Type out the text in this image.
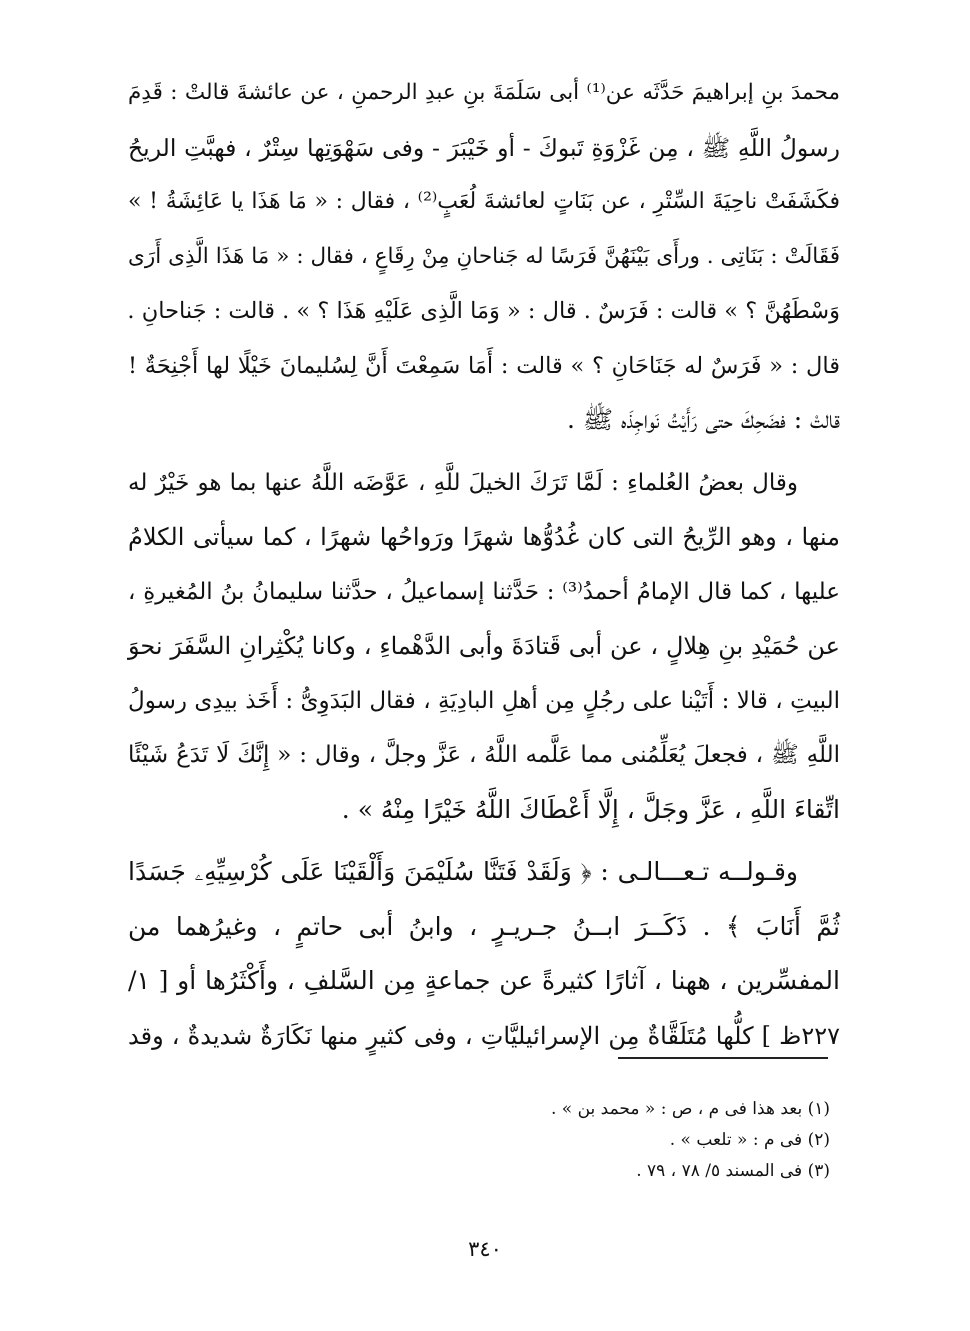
محمدَ بنِ إبراهيمَ حَدَّثَه عن⁽¹⁾ أبى سَلَمَةَ بنِ عبدِ الرحمنِ ، عن عائشةَ قالتْ : قَدِمَ
رسولُ اللَّهِ ﷺ ، مِن غَزْوَةِ تَبوكَ - أو خَيْبَرَ - وفى سَهْوَتِها سِتْرٌ ، فهبَّتِ الريحُ
فكَشَفَتْ ناحِيَةَ السِّتْرِ ، عن بَنَاتٍ لعائشةَ لُعَبٍ⁽²⁾ ، فقال : « مَا هَذَا يا عَائِشَةُ ! »
فَقَالَتْ : بَنَاتِى . ورأَى بَيْنَهُنَّ فَرَسًا له جَناحانِ مِنْ رِقَاعٍ ، فقال : « مَا هَذَا الَّذِى أَرَى
وَسْطَهُنَّ ؟ » قالت : فَرَسٌ . قال : « وَمَا الَّذِى عَلَيْهِ هَذَا ؟ » . قالت : جَناحانِ .
قال : « فَرَسٌ له جَنَاحَانِ ؟ » قالت : أَمَا سَمِعْتَ أَنَّ لِسُليمانَ خَيْلًا لها أَجْنِحَةٌ !
قالتْ : فضَحِكَ حتى رَأَيْتُ نَواجِذَه ﷺ .

وقال بعضُ العُلماءِ : لَمَّا تَرَكَ الخيلَ للَّهِ ، عَوَّضَه اللَّهُ عنها بما هو خَيْرٌ له
منها ، وهو الرِّيحُ التى كان غُدُوُّها شهرًا ورَواحُها شهرًا ، كما سيأتى الكلامُ
عليها ، كما قال الإمامُ أحمدُ⁽³⁾ : حَدَّثنا إسماعيلُ ، حدَّثنا سليمانُ بنُ المُغيرةِ ،
عن حُمَيْدِ بنِ هِلالٍ ، عن أبى قَتادَةَ وأبى الدَّهْماءِ ، وكانا يُكْثِرانِ السَّفَرَ نحوَ
البيتِ ، قالا : أَتَيْنا على رجُلٍ مِن أهلِ البادِيَةِ ، فقال البَدَوِىُّ : أَخَذ بيدِى رسولُ
اللَّهِ ﷺ ، فجعلَ يُعَلِّمُنى مما عَلَّمه اللَّهُ ، عَزَّ وجلَّ ، وقال : « إِنَّكَ لَا تَدَعُ شَيْئًا
اتِّقاءَ اللَّهِ ، عَزَّ وجَلَّ ، إِلَّا أَعْطَاكَ اللَّهُ خَيْرًا مِنْهُ » .

وقـولــه تـعـــالـى : ﴿ وَلَقَدْ فَتَنَّا سُلَيْمَنَ وَأَلْقَيْنَا عَلَى كُرْسِيِّهِۦ جَسَدًا
ثُمَّ أَنَابَ ﴾ . ذَكَــرَ ابــنُ جـريـرٍ ، وابنُ أبى حاتمٍ ، وغيرُهما من
المفسِّرين ، ههنا ، آثارًا كثيرةً عن جماعةٍ مِن السَّلفِ ، وأَكْثَرُها أو [ ١/
٢٢٧ظ ] كلُّها مُتَلَقَّاةٌ مِن الإسرائيليَّاتِ ، وفى كثيرٍ منها نَكَارَةٌ شديدةٌ ، وقد

(١) بعد هذا فى م ، ص : « محمد بن » .
(٢) فى م : « تلعب » .
(٣) فى المسند ٥/ ٧٨ ، ٧٩ .
٣٤٠
